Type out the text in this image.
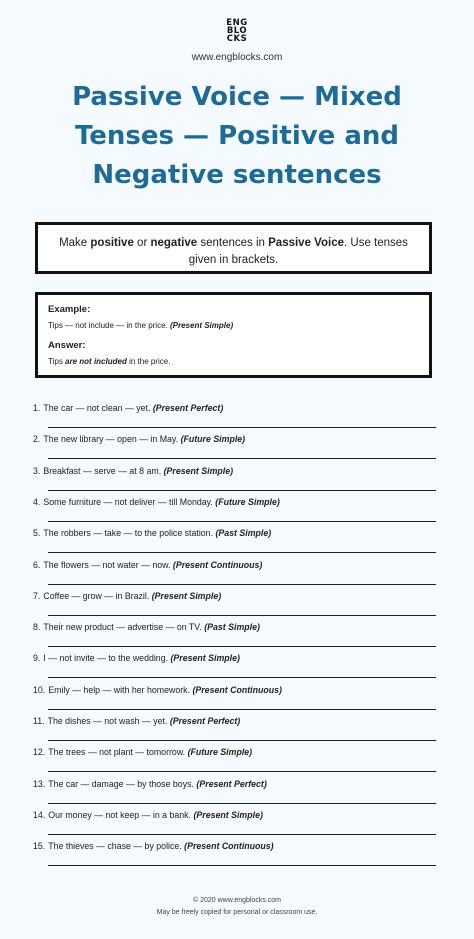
ENG
BLO
CKS
www.engblocks.com
Passive Voice — Mixed Tenses — Positive and Negative sentences
Make positive or negative sentences in Passive Voice. Use tenses given in brackets.

Example:

Tips — not include — in the price. (Present Simple)

Answer:

Tips are not included in the price.

1. The car — not clean — yet. (Present Perfect)
2. The new library — open — in May. (Future Simple)
3. Breakfast — serve — at 8 am. (Present Simple)
4. Some furniture — not deliver — till Monday. (Future Simple)
5. The robbers — take — to the police station. (Past Simple)
6. The flowers — not water — now. (Present Continuous)
7. Coffee — grow — in Brazil. (Present Simple)
8. Their new product — advertise — on TV. (Past Simple)
9. I — not invite — to the wedding. (Present Simple)
10. Emily — help — with her homework. (Present Continuous)
11. The dishes — not wash — yet. (Present Perfect)
12. The trees — not plant — tomorrow. (Future Simple)
13. The car — damage — by those boys. (Present Perfect)
14. Our money — not keep — in a bank. (Present Simple)
15. The thieves — chase — by police. (Present Continuous)
© 2020 www.engblocks.com
May be freely copied for personal or classroom use.
